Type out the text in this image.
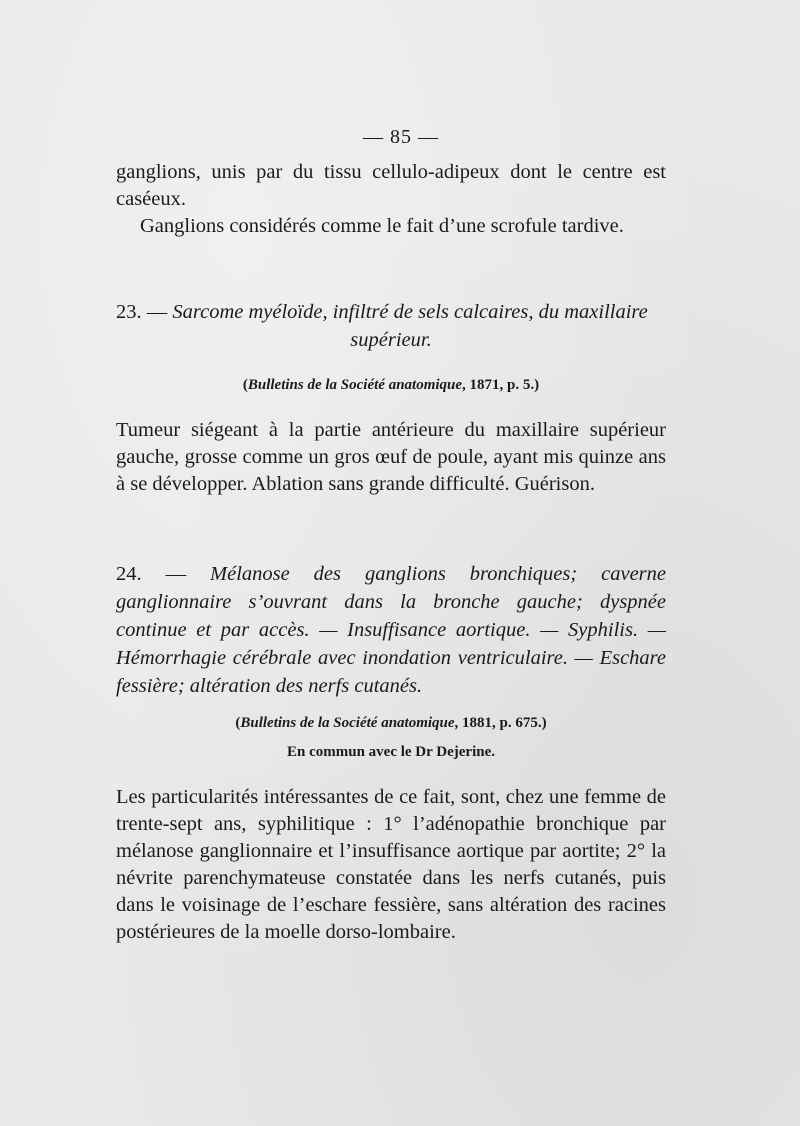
— 85 —

ganglions, unis par du tissu cellulo-adipeux dont le centre est caséeux.

Ganglions considérés comme le fait d’une scrofule tardive.

23. — Sarcome myéloïde, infiltré de sels calcaires, du maxillaire

supérieur.

(Bulletins de la Société anatomique, 1871, p. 5.)

Tumeur siégeant à la partie antérieure du maxillaire supérieur gauche, grosse comme un gros œuf de poule, ayant mis quinze ans à se développer. Ablation sans grande difficulté. Guérison.

24. — Mélanose des ganglions bronchiques; caverne ganglionnaire s’ouvrant dans la bronche gauche; dyspnée continue et par accès. — Insuffisance aortique. — Syphilis. — Hémorrhagie cérébrale avec inondation ventriculaire. — Eschare fessière; altération des nerfs cutanés.

(Bulletins de la Société anatomique, 1881, p. 675.)

En commun avec le Dr Dejerine.

Les particularités intéressantes de ce fait, sont, chez une femme de trente-sept ans, syphilitique : 1° l’adénopathie bronchique par mélanose ganglionnaire et l’insuffisance aortique par aortite; 2° la névrite parenchymateuse constatée dans les nerfs cutanés, puis dans le voisinage de l’eschare fessière, sans altération des racines postérieures de la moelle dorso-lombaire.
